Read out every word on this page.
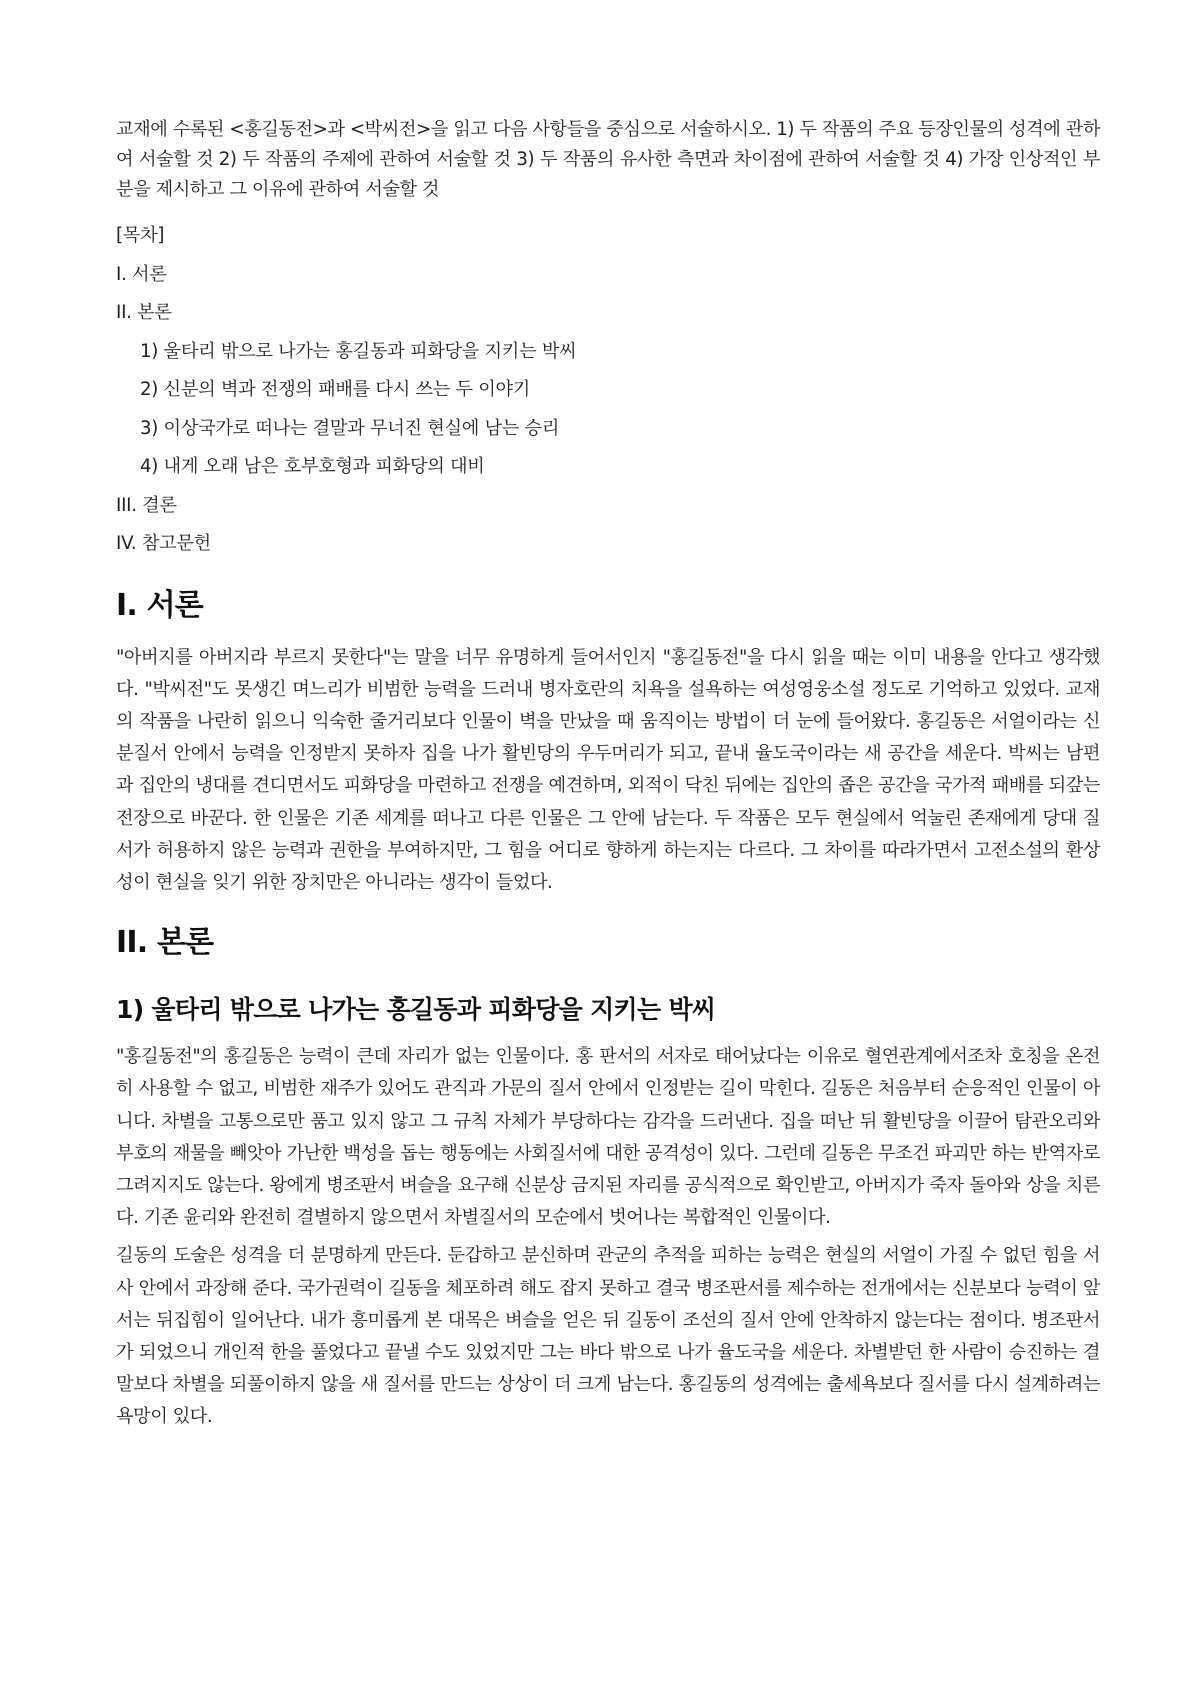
교재에 수록된 <홍길동전>과 <박씨전>을 읽고 다음 사항들을 중심으로 서술하시오. 1) 두 작품의 주요 등장인물의 성격에 관하여 서술할 것 2) 두 작품의 주제에 관하여 서술할 것 3) 두 작품의 유사한 측면과 차이점에 관하여 서술할 것 4) 가장 인상적인 부분을 제시하고 그 이유에 관하여 서술할 것

[목차]
I. 서론
II. 본론
1) 울타리 밖으로 나가는 홍길동과 피화당을 지키는 박씨
2) 신분의 벽과 전쟁의 패배를 다시 쓰는 두 이야기
3) 이상국가로 떠나는 결말과 무너진 현실에 남는 승리
4) 내게 오래 남은 호부호형과 피화당의 대비
III. 결론
IV. 참고문헌
I. 서론

"아버지를 아버지라 부르지 못한다"는 말을 너무 유명하게 들어서인지 "홍길동전"을 다시 읽을 때는 이미 내용을 안다고 생각했다. "박씨전"도 못생긴 며느리가 비범한 능력을 드러내 병자호란의 치욕을 설욕하는 여성영웅소설 정도로 기억하고 있었다. 교재의 작품을 나란히 읽으니 익숙한 줄거리보다 인물이 벽을 만났을 때 움직이는 방법이 더 눈에 들어왔다. 홍길동은 서얼이라는 신분질서 안에서 능력을 인정받지 못하자 집을 나가 활빈당의 우두머리가 되고, 끝내 율도국이라는 새 공간을 세운다. 박씨는 남편과 집안의 냉대를 견디면서도 피화당을 마련하고 전쟁을 예견하며, 외적이 닥친 뒤에는 집안의 좁은 공간을 국가적 패배를 되갚는 전장으로 바꾼다. 한 인물은 기존 세계를 떠나고 다른 인물은 그 안에 남는다. 두 작품은 모두 현실에서 억눌린 존재에게 당대 질서가 허용하지 않은 능력과 권한을 부여하지만, 그 힘을 어디로 향하게 하는지는 다르다. 그 차이를 따라가면서 고전소설의 환상성이 현실을 잊기 위한 장치만은 아니라는 생각이 들었다.

II. 본론
1) 울타리 밖으로 나가는 홍길동과 피화당을 지키는 박씨

"홍길동전"의 홍길동은 능력이 큰데 자리가 없는 인물이다. 홍 판서의 서자로 태어났다는 이유로 혈연관계에서조차 호칭을 온전히 사용할 수 없고, 비범한 재주가 있어도 관직과 가문의 질서 안에서 인정받는 길이 막힌다. 길동은 처음부터 순응적인 인물이 아니다. 차별을 고통으로만 품고 있지 않고 그 규칙 자체가 부당하다는 감각을 드러낸다. 집을 떠난 뒤 활빈당을 이끌어 탐관오리와 부호의 재물을 빼앗아 가난한 백성을 돕는 행동에는 사회질서에 대한 공격성이 있다. 그런데 길동은 무조건 파괴만 하는 반역자로 그려지지도 않는다. 왕에게 병조판서 벼슬을 요구해 신분상 금지된 자리를 공식적으로 확인받고, 아버지가 죽자 돌아와 상을 치른다. 기존 윤리와 완전히 결별하지 않으면서 차별질서의 모순에서 벗어나는 복합적인 인물이다.

길동의 도술은 성격을 더 분명하게 만든다. 둔갑하고 분신하며 관군의 추적을 피하는 능력은 현실의 서얼이 가질 수 없던 힘을 서사 안에서 과장해 준다. 국가권력이 길동을 체포하려 해도 잡지 못하고 결국 병조판서를 제수하는 전개에서는 신분보다 능력이 앞서는 뒤집힘이 일어난다. 내가 흥미롭게 본 대목은 벼슬을 얻은 뒤 길동이 조선의 질서 안에 안착하지 않는다는 점이다. 병조판서가 되었으니 개인적 한을 풀었다고 끝낼 수도 있었지만 그는 바다 밖으로 나가 율도국을 세운다. 차별받던 한 사람이 승진하는 결말보다 차별을 되풀이하지 않을 새 질서를 만드는 상상이 더 크게 남는다. 홍길동의 성격에는 출세욕보다 질서를 다시 설계하려는 욕망이 있다.
